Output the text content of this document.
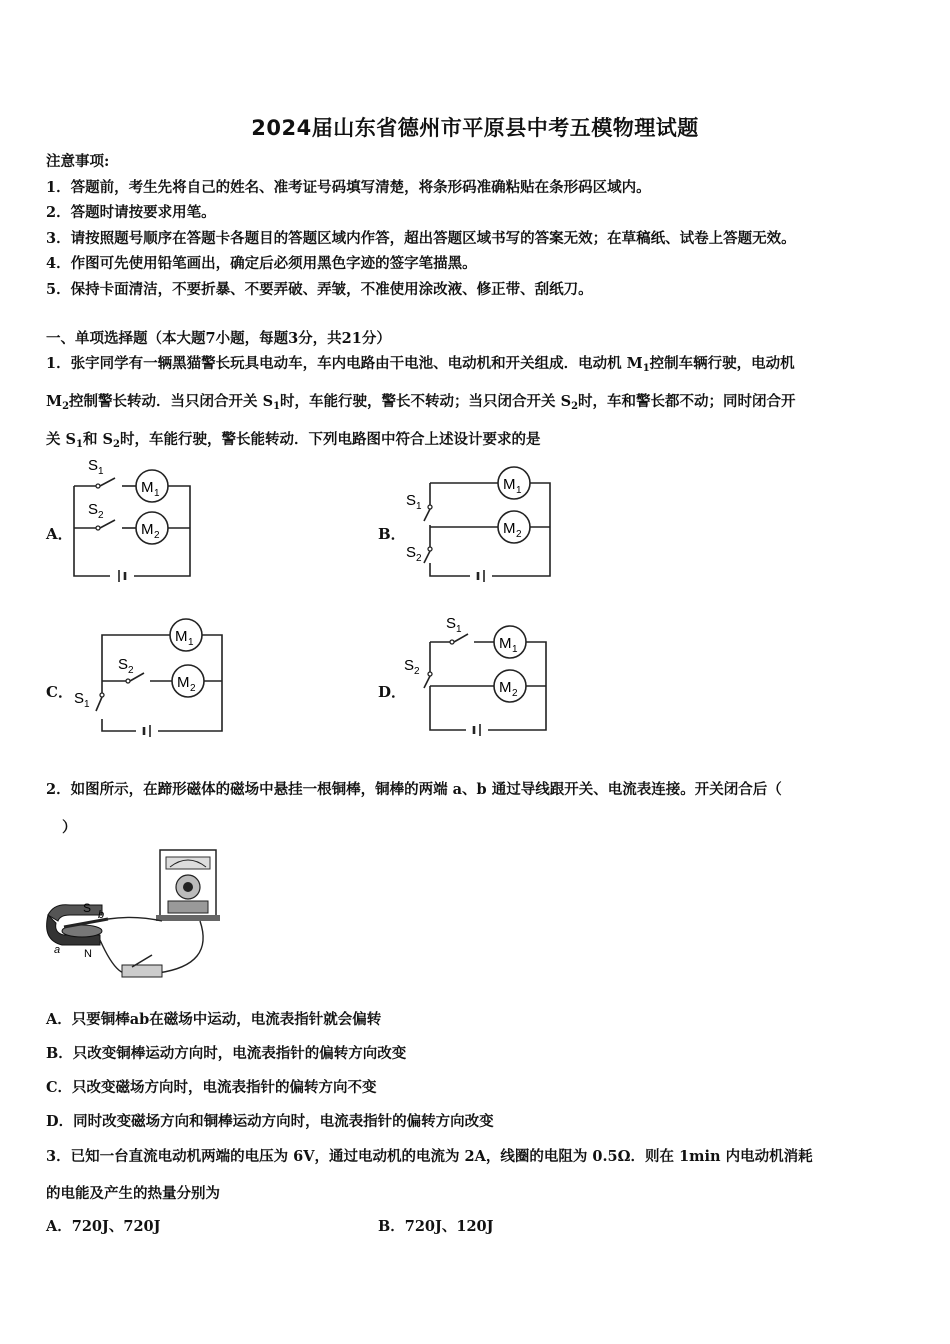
2024届山东省德州市平原县中考五模物理试题
注意事项:
1．答题前，考生先将自己的姓名、准考证号码填写清楚，将条形码准确粘贴在条形码区域内。
2．答题时请按要求用笔。
3．请按照题号顺序在答题卡各题目的答题区域内作答，超出答题区域书写的答案无效；在草稿纸、试卷上答题无效。
4．作图可先使用铅笔画出，确定后必须用黑色字迹的签字笔描黑。
5．保持卡面清洁，不要折暴、不要弄破、弄皱，不准使用涂改液、修正带、刮纸刀。
一、单项选择题（本大题7小题，每题3分，共21分）
1．张宇同学有一辆黑猫警长玩具电动车，车内电路由干电池、电动机和开关组成．电动机 $M_1$控制车辆行驶，电动机
$M_2$控制警长转动．当只闭合开关 $S_1$时，车能行驶，警长不转动；当只闭合开关 $S_2$时，车和警长都不动；同时闭合开
关 $S_1$和 $S_2$时，车能行驶，警长能转动．下列电路图中符合上述设计要求的是
A．	B．
C．	D．
S 1
S 2
M 1
M 2
S 1
S 2
M 1
M 2
S 1
S 2
M 1
M 2
S 1
S 2
M 1
M 2
2．如图所示，在蹄形磁体的磁场中悬挂一根铜棒，铜棒的两端 a、b 通过导线跟开关、电流表连接。开关闭合后（
）
S b
a N
A．只要铜棒ab在磁场中运动，电流表指针就会偏转
B．只改变铜棒运动方向时，电流表指针的偏转方向改变
C．只改变磁场方向时，电流表指针的偏转方向不变
D．同时改变磁场方向和铜棒运动方向时，电流表指针的偏转方向改变
3．已知一台直流电动机两端的电压为 6V，通过电动机的电流为 2A，线圈的电阻为 0.5Ω．则在 1min 内电动机消耗
的电能及产生的热量分别为
A．720J、720J	B．720J、120J
